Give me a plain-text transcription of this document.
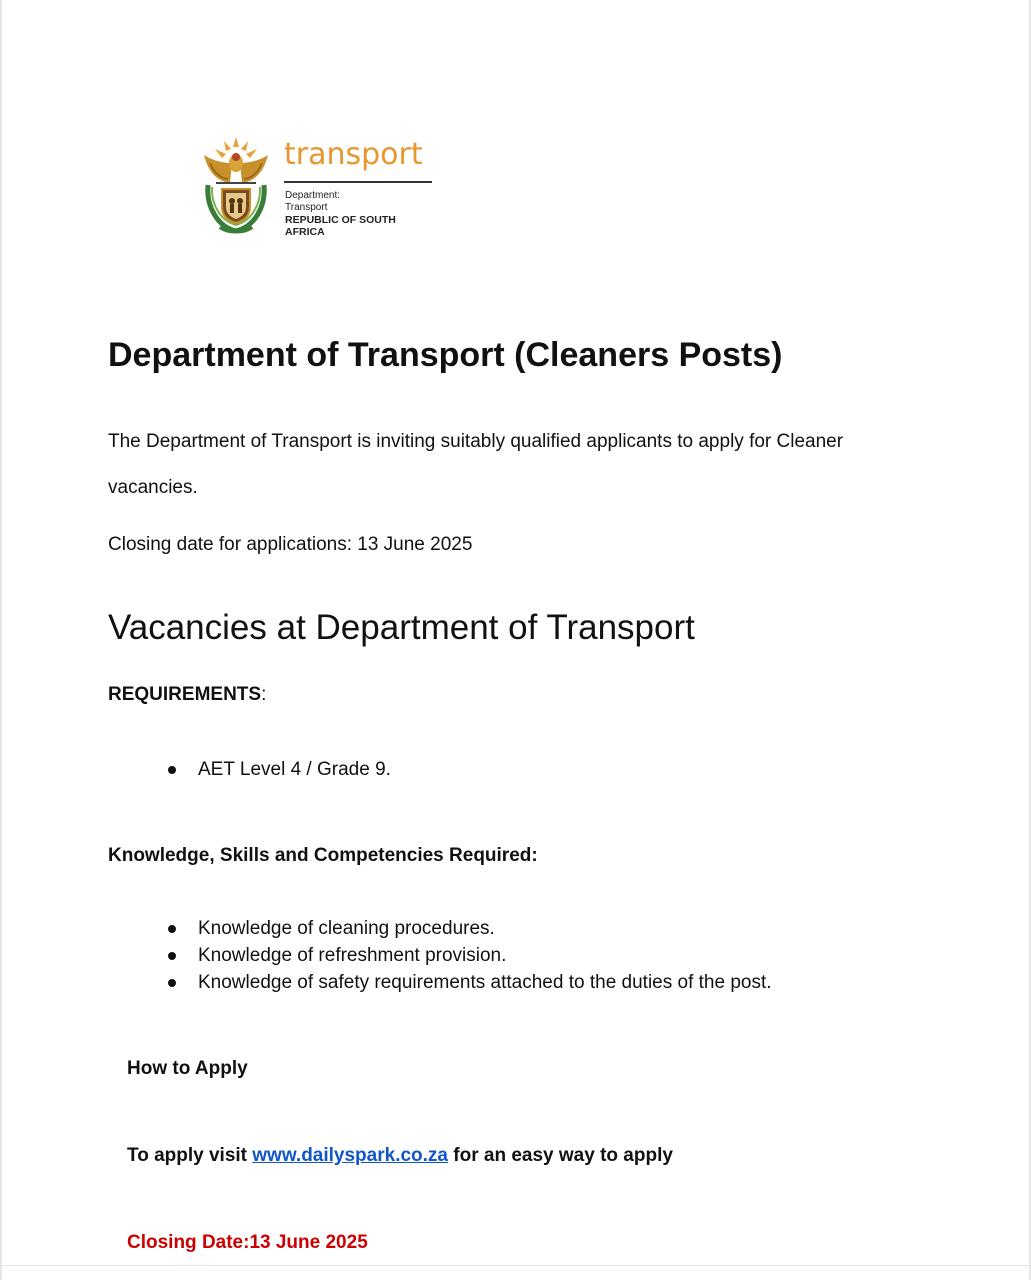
transport
Department:
Transport
REPUBLIC OF SOUTH AFRICA
Department of Transport (Cleaners Posts)

The Department of Transport is inviting suitably qualified applicants to apply for Cleaner vacancies.

Closing date for applications: 13 June 2025

Vacancies at Department of Transport

REQUIREMENTS:

AET Level 4 / Grade 9.

Knowledge, Skills and Competencies Required:

Knowledge of cleaning procedures.
Knowledge of refreshment provision.
Knowledge of safety requirements attached to the duties of the post.

How to Apply

To apply visit www.dailyspark.co.za for an easy way to apply

Closing Date:13 June 2025
